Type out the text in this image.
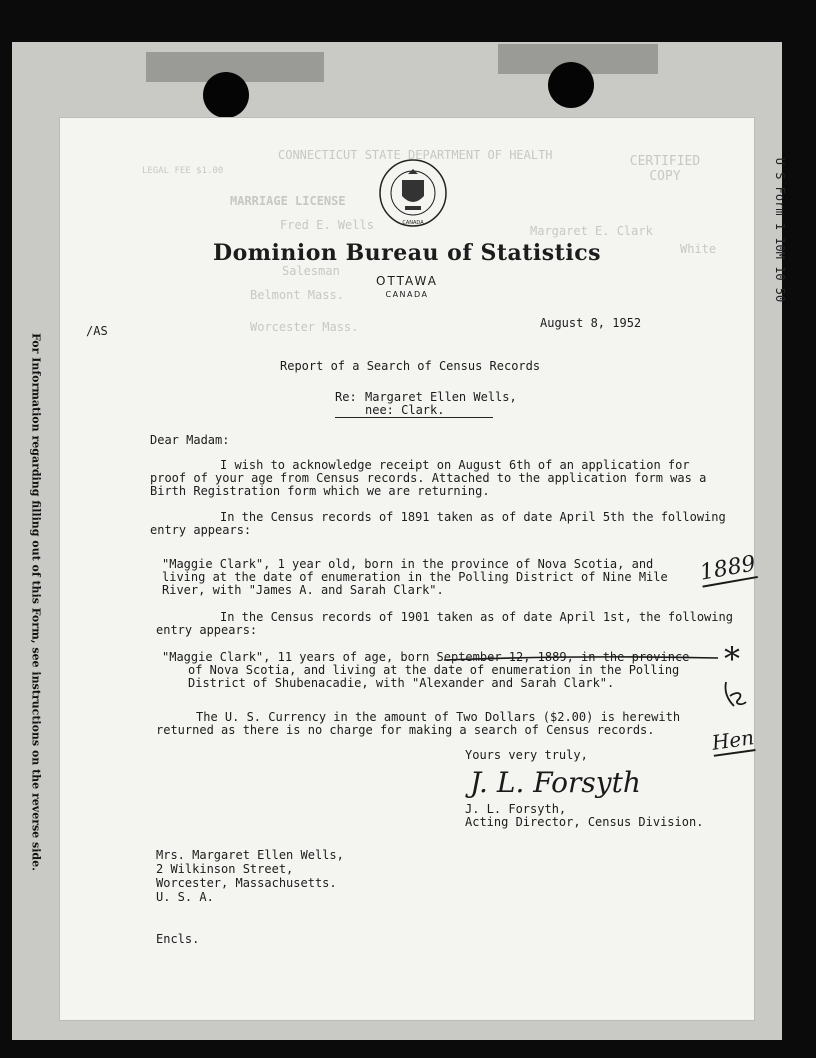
For Information regarding filling out of this Form, see instructions on the reverse side.
U S Form 1 10M 10 50
CONNECTICUT STATE DEPARTMENT OF HEALTH	CERTIFIED COPY
LEGAL FEE $1.00
MARRIAGE LICENSE
Fred E. Wells	Margaret E. Clark
White
Salesman
Belmont Mass.
Worcester Mass.
CANADA
Dominion Bureau of Statistics
OTTAWA
CANADA
/AS
August 8, 1952
Report of a Search of Census Records
Re: Margaret Ellen Wells,
nee: Clark.
Dear Madam:
I wish to acknowledge receipt on August 6th of an application for
proof of your age from Census records. Attached to the application form was a
Birth Registration form which we are returning.
In the Census records of 1891 taken as of date April 5th the following
entry appears:
"Maggie Clark", 1 year old, born in the province of Nova Scotia, and
living at the date of enumeration in the Polling District of Nine Mile
River, with "James A. and Sarah Clark".
In the Census records of 1901 taken as of date April 1st, the following
entry appears:
"Maggie Clark", 11 years of age, born September 12, 1889, in the province
of Nova Scotia, and living at the date of enumeration in the Polling
District of Shubenacadie, with "Alexander and Sarah Clark".
The U. S. Currency in the amount of Two Dollars ($2.00) is herewith
returned as there is no charge for making a search of Census records.
Yours very truly,
J. L. Forsyth
J. L. Forsyth,
Acting Director, Census Division.
Mrs. Margaret Ellen Wells,
2 Wilkinson Street,
Worcester, Massachusetts.
U. S. A.
Encls.
1889
*
Hen
